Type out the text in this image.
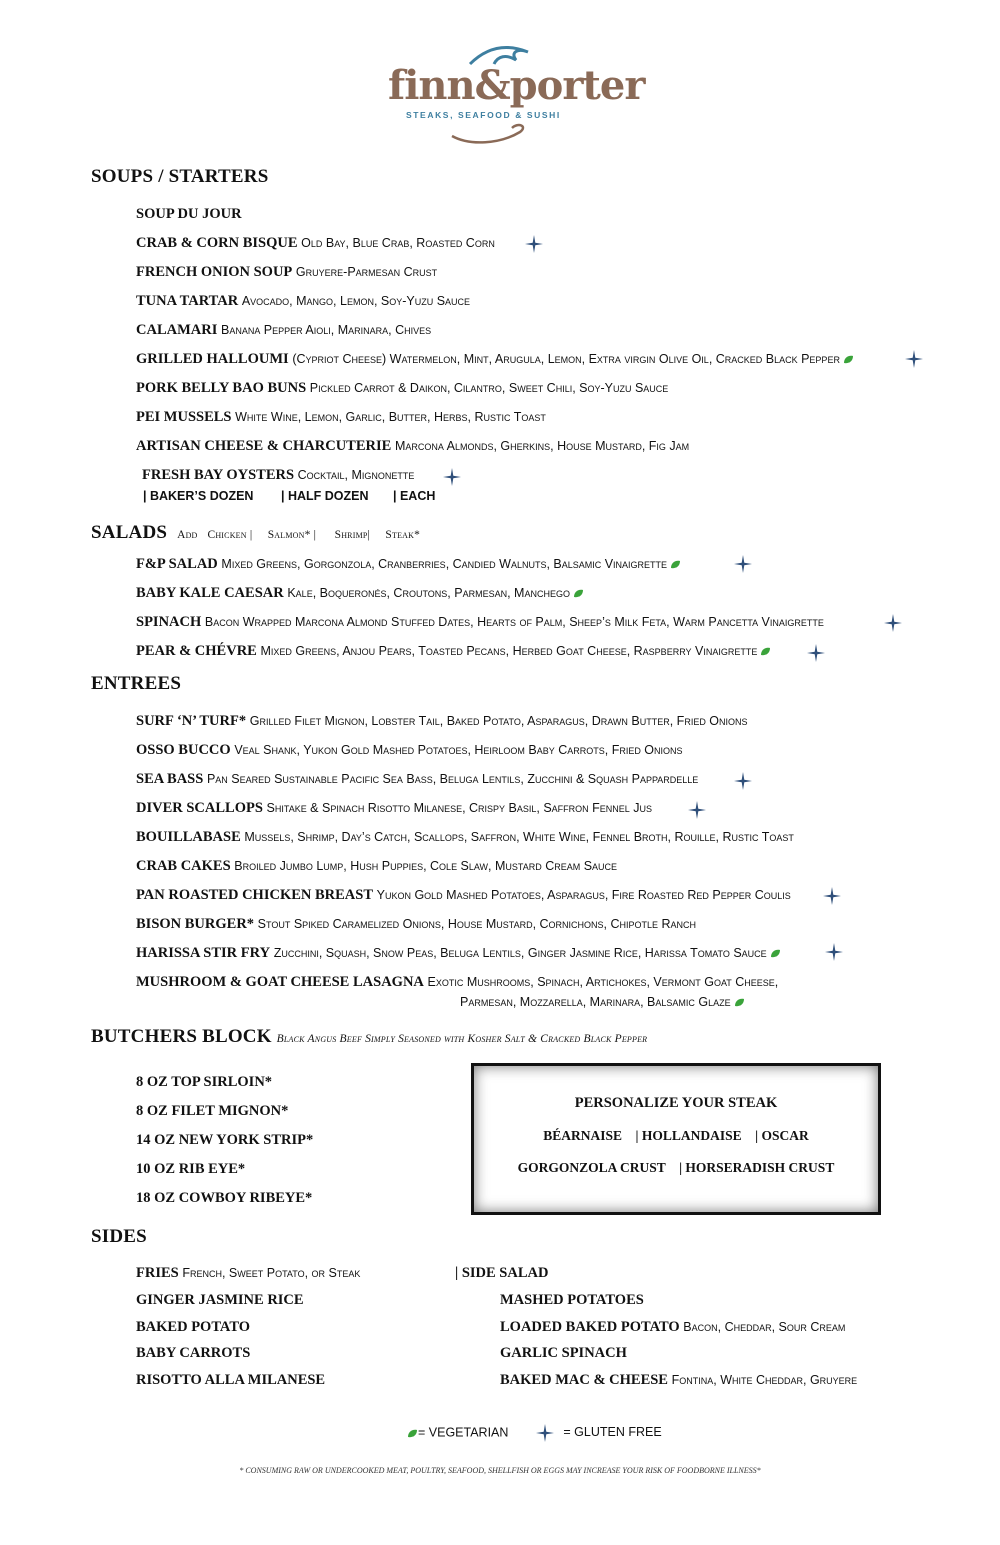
finn&porter
STEAKS, SEAFOOD & SUSHI
SOUPS / STARTERS
SOUP DU JOUR
CRAB & CORN BISQUE Old Bay, Blue Crab, Roasted Corn
FRENCH ONION SOUP Gruyere-Parmesan Crust
TUNA TARTAR Avocado, Mango, Lemon, Soy-Yuzu Sauce
CALAMARI Banana Pepper Aioli, Marinara, Chives
GRILLED HALLOUMI (Cypriot Cheese) Watermelon, Mint, Arugula, Lemon, Extra virgin Olive Oil, Cracked Black Pepper
PORK BELLY BAO BUNS Pickled Carrot & Daikon, Cilantro, Sweet Chili, Soy-Yuzu Sauce
PEI MUSSELS White Wine, Lemon, Garlic, Butter, Herbs, Rustic Toast
ARTISAN CHEESE & CHARCUTERIE Marcona Almonds, Gherkins, House Mustard, Fig Jam
FRESH BAY OYSTERS Cocktail, Mignonette
| BAKER’S DOZEN | HALF DOZEN | EACH
SALADS Add Chicken |     Salmon* |      Shrimp|     Steak*
F&P SALAD Mixed Greens, Gorgonzola, Cranberries, Candied Walnuts, Balsamic Vinaigrette
BABY KALE CAESAR Kale, Boqueronés, Croutons, Parmesan, Manchego
SPINACH Bacon Wrapped Marcona Almond Stuffed Dates, Hearts of Palm, Sheep’s Milk Feta, Warm Pancetta Vinaigrette
PEAR & CHÉVRE Mixed Greens, Anjou Pears, Toasted Pecans, Herbed Goat Cheese, Raspberry Vinaigrette
ENTREES
SURF ‘N’ TURF* Grilled Filet Mignon, Lobster Tail, Baked Potato, Asparagus, Drawn Butter, Fried Onions
OSSO BUCCO Veal Shank, Yukon Gold Mashed Potatoes, Heirloom Baby Carrots, Fried Onions
SEA BASS Pan Seared Sustainable Pacific Sea Bass, Beluga Lentils, Zucchini & Squash Pappardelle
DIVER SCALLOPS Shitake & Spinach Risotto Milanese, Crispy Basil, Saffron Fennel Jus
BOUILLABASE Mussels, Shrimp, Day’s Catch, Scallops, Saffron, White Wine, Fennel Broth, Rouille, Rustic Toast
CRAB CAKES Broiled Jumbo Lump, Hush Puppies, Cole Slaw, Mustard Cream Sauce
PAN ROASTED CHICKEN BREAST Yukon Gold Mashed Potatoes, Asparagus, Fire Roasted Red Pepper Coulis
BISON BURGER* Stout Spiked Caramelized Onions, House Mustard, Cornichons, Chipotle Ranch
HARISSA STIR FRY Zucchini, Squash, Snow Peas, Beluga Lentils, Ginger Jasmine Rice, Harissa Tomato Sauce
MUSHROOM & GOAT CHEESE LASAGNA Exotic Mushrooms, Spinach, Artichokes, Vermont Goat Cheese,
Parmesan, Mozzarella, Marinara, Balsamic Glaze
BUTCHERS BLOCK Black Angus Beef Simply Seasoned with Kosher Salt & Cracked Black Pepper
8 OZ TOP SIRLOIN*
8 OZ FILET MIGNON*
14 OZ NEW YORK STRIP*
10 OZ RIB EYE*
18 OZ COWBOY RIBEYE*
PERSONALIZE YOUR STEAK
BÉARNAISE    | HOLLANDAISE    | OSCAR
GORGONZOLA CRUST    | HORSERADISH CRUST
SIDES
FRIES French, Sweet Potato, or Steak
GINGER JASMINE RICE
BAKED POTATO
BABY CARROTS
RISOTTO ALLA MILANESE
| SIDE SALAD
MASHED POTATOES
LOADED BAKED POTATO Bacon, Cheddar, Sour Cream
GARLIC SPINACH
BAKED MAC & CHEESE Fontina, White Cheddar, Gruyere
= VEGETARIAN	= GLUTEN FREE
* CONSUMING RAW OR UNDERCOOKED MEAT, POULTRY, SEAFOOD, SHELLFISH OR EGGS MAY INCREASE YOUR RISK OF FOODBORNE ILLNESS*
